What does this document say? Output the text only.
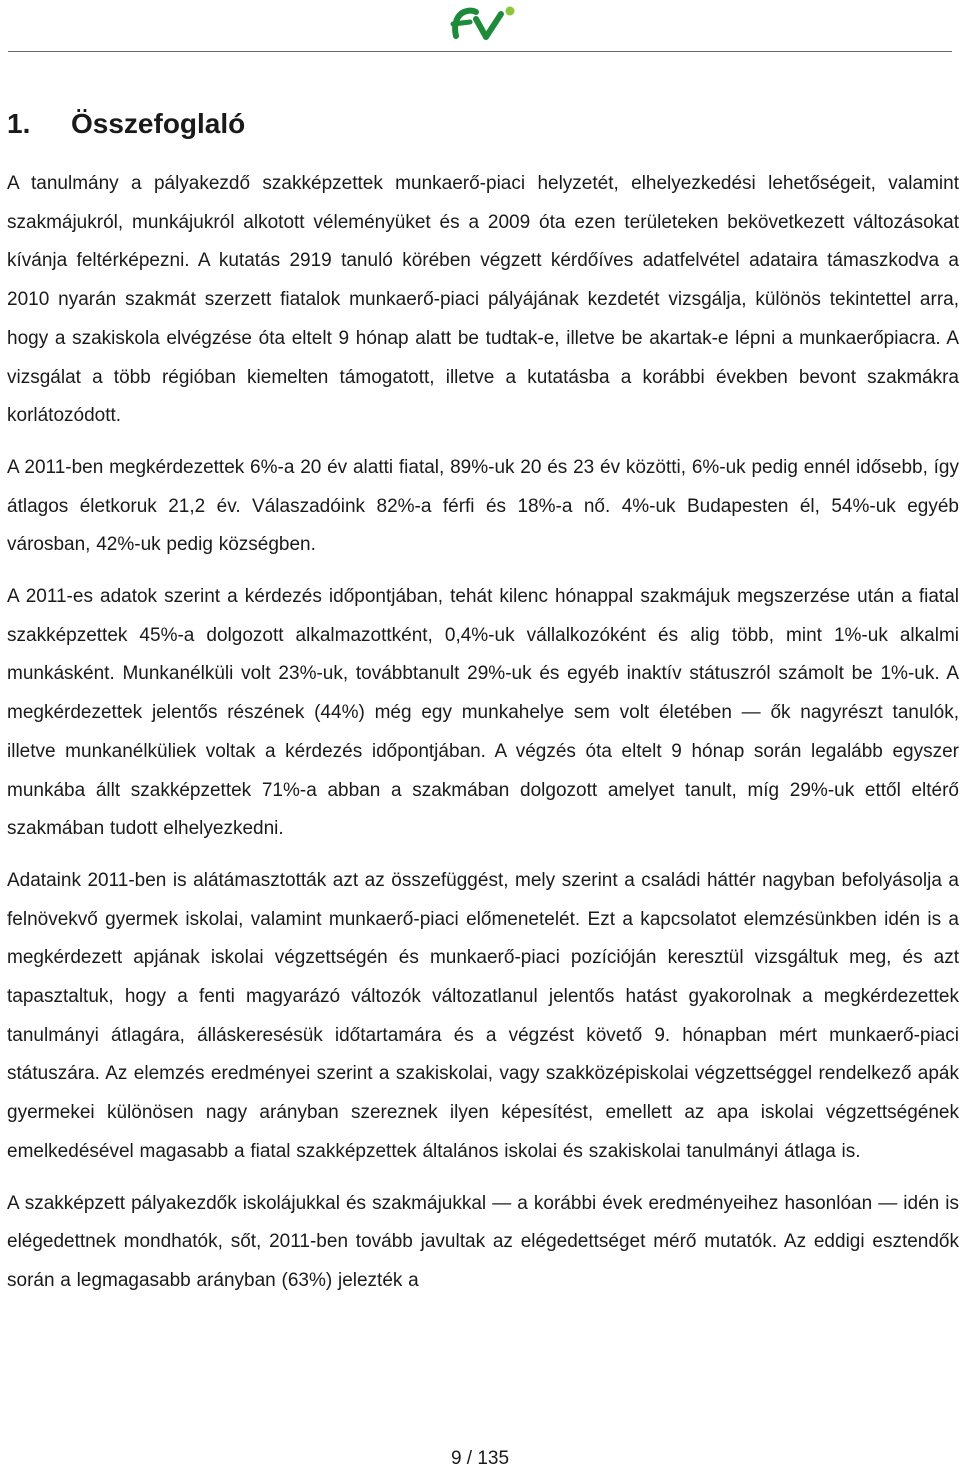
1. Összefoglaló

A tanulmány a pályakezdő szakképzettek munkaerő-piaci helyzetét, elhelyezkedési lehetőségeit, valamint szakmájukról, munkájukról alkotott véleményüket és a 2009 óta ezen területeken bekövetkezett változásokat kívánja feltérképezni. A kutatás 2919 tanuló körében végzett kérdőíves adatfelvétel adataira támaszkodva a 2010 nyarán szakmát szerzett fiatalok munkaerő-piaci pályájának kezdetét vizsgálja, különös tekintettel arra, hogy a szakiskola elvégzése óta eltelt 9 hónap alatt be tudtak-e, illetve be akartak-e lépni a munkaerőpiacra. A vizsgálat a több régióban kiemelten támogatott, illetve a kutatásba a korábbi években bevont szakmákra korlátozódott.

A 2011-ben megkérdezettek 6%-a 20 év alatti fiatal, 89%-uk 20 és 23 év közötti, 6%-uk pedig ennél idősebb, így átlagos életkoruk 21,2 év. Válaszadóink 82%-a férfi és 18%-a nő. 4%-uk Budapesten él, 54%-uk egyéb városban, 42%-uk pedig községben.

A 2011-es adatok szerint a kérdezés időpontjában, tehát kilenc hónappal szakmájuk megszerzése után a fiatal szakképzettek 45%-a dolgozott alkalmazottként, 0,4%-uk vállalkozóként és alig több, mint 1%-uk alkalmi munkásként. Munkanélküli volt 23%-uk, továbbtanult 29%-uk és egyéb inaktív státuszról számolt be 1%-uk. A megkérdezettek jelentős részének (44%) még egy munkahelye sem volt életében — ők nagyrészt tanulók, illetve munkanélküliek voltak a kérdezés időpontjában. A végzés óta eltelt 9 hónap során legalább egyszer munkába állt szakképzettek 71%-a abban a szakmában dolgozott amelyet tanult, míg 29%-uk ettől eltérő szakmában tudott elhelyezkedni.

Adataink 2011-ben is alátámasztották azt az összefüggést, mely szerint a családi háttér nagyban befolyásolja a felnövekvő gyermek iskolai, valamint munkaerő-piaci előmenetelét. Ezt a kapcsolatot elemzésünkben idén is a megkérdezett apjának iskolai végzettségén és munkaerő-piaci pozícióján keresztül vizsgáltuk meg, és azt tapasztaltuk, hogy a fenti magyarázó változók változatlanul jelentős hatást gyakorolnak a megkérdezettek tanulmányi átlagára, álláskeresésük időtartamára és a végzést követő 9. hónapban mért munkaerő-piaci státuszára. Az elemzés eredményei szerint a szakiskolai, vagy szakközépiskolai végzettséggel rendelkező apák gyermekei különösen nagy arányban szereznek ilyen képesítést, emellett az apa iskolai végzettségének emelkedésével magasabb a fiatal szakképzettek általános iskolai és szakiskolai tanulmányi átlaga is.

A szakképzett pályakezdők iskolájukkal és szakmájukkal — a korábbi évek eredményeihez hasonlóan — idén is elégedettnek mondhatók, sőt, 2011-ben tovább javultak az elégedettséget mérő mutatók. Az eddigi esztendők során a legmagasabb arányban (63%) jelezték a

9 / 135
